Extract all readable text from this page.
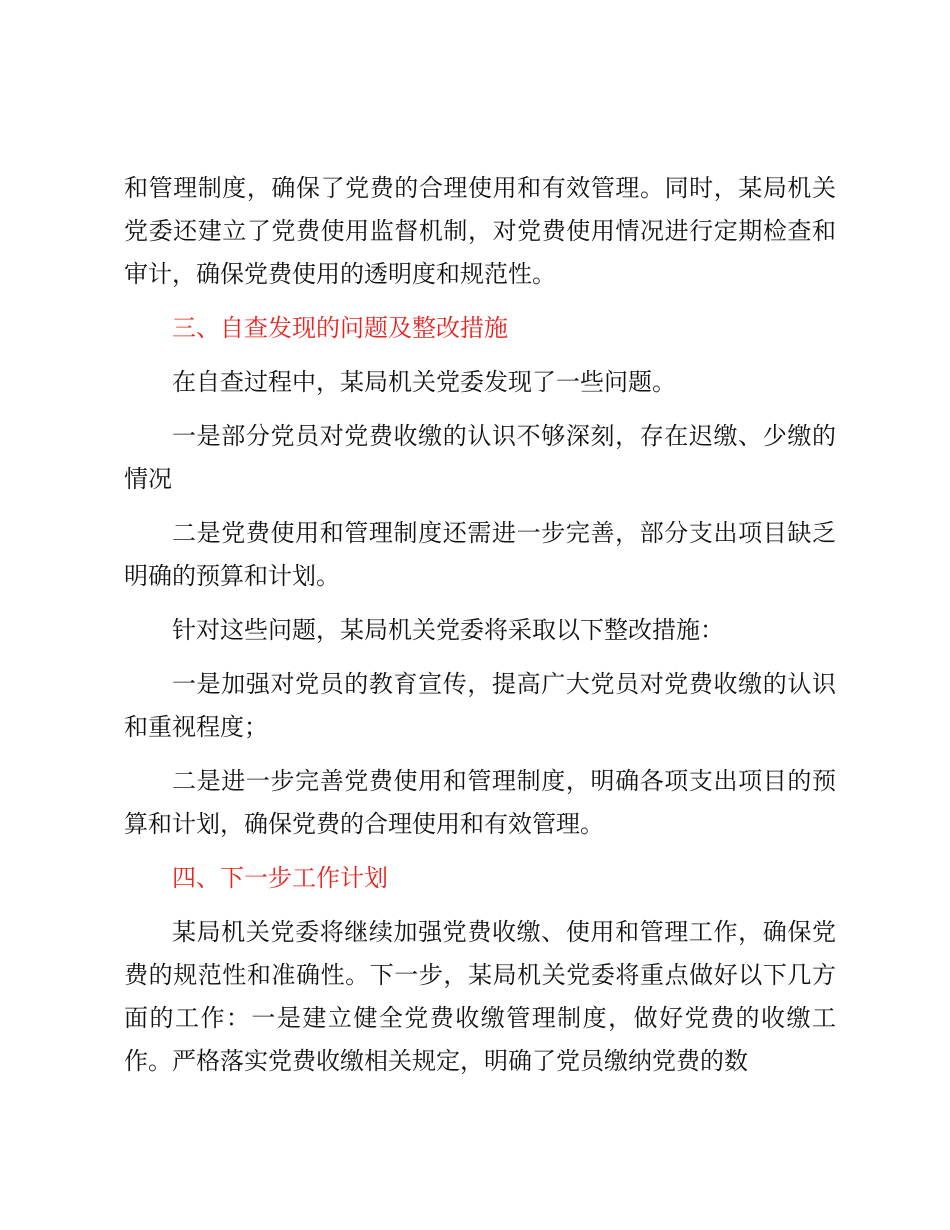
和管理制度，确保了党费的合理使用和有效管理。同时，某局机关党委还建立了党费使用监督机制，对党费使用情况进行定期检查和审计，确保党费使用的透明度和规范性。

三、自查发现的问题及整改措施

在自查过程中，某局机关党委发现了一些问题。

一是部分党员对党费收缴的认识不够深刻，存在迟缴、少缴的情况

二是党费使用和管理制度还需进一步完善，部分支出项目缺乏明确的预算和计划。

针对这些问题，某局机关党委将采取以下整改措施：

一是加强对党员的教育宣传，提高广大党员对党费收缴的认识和重视程度；

二是进一步完善党费使用和管理制度，明确各项支出项目的预算和计划，确保党费的合理使用和有效管理。

四、下一步工作计划

某局机关党委将继续加强党费收缴、使用和管理工作，确保党费的规范性和准确性。下一步，某局机关党委将重点做好以下几方面的工作：一是建立健全党费收缴管理制度，做好党费的收缴工作。严格落实党费收缴相关规定，明确了党员缴纳党费的数
